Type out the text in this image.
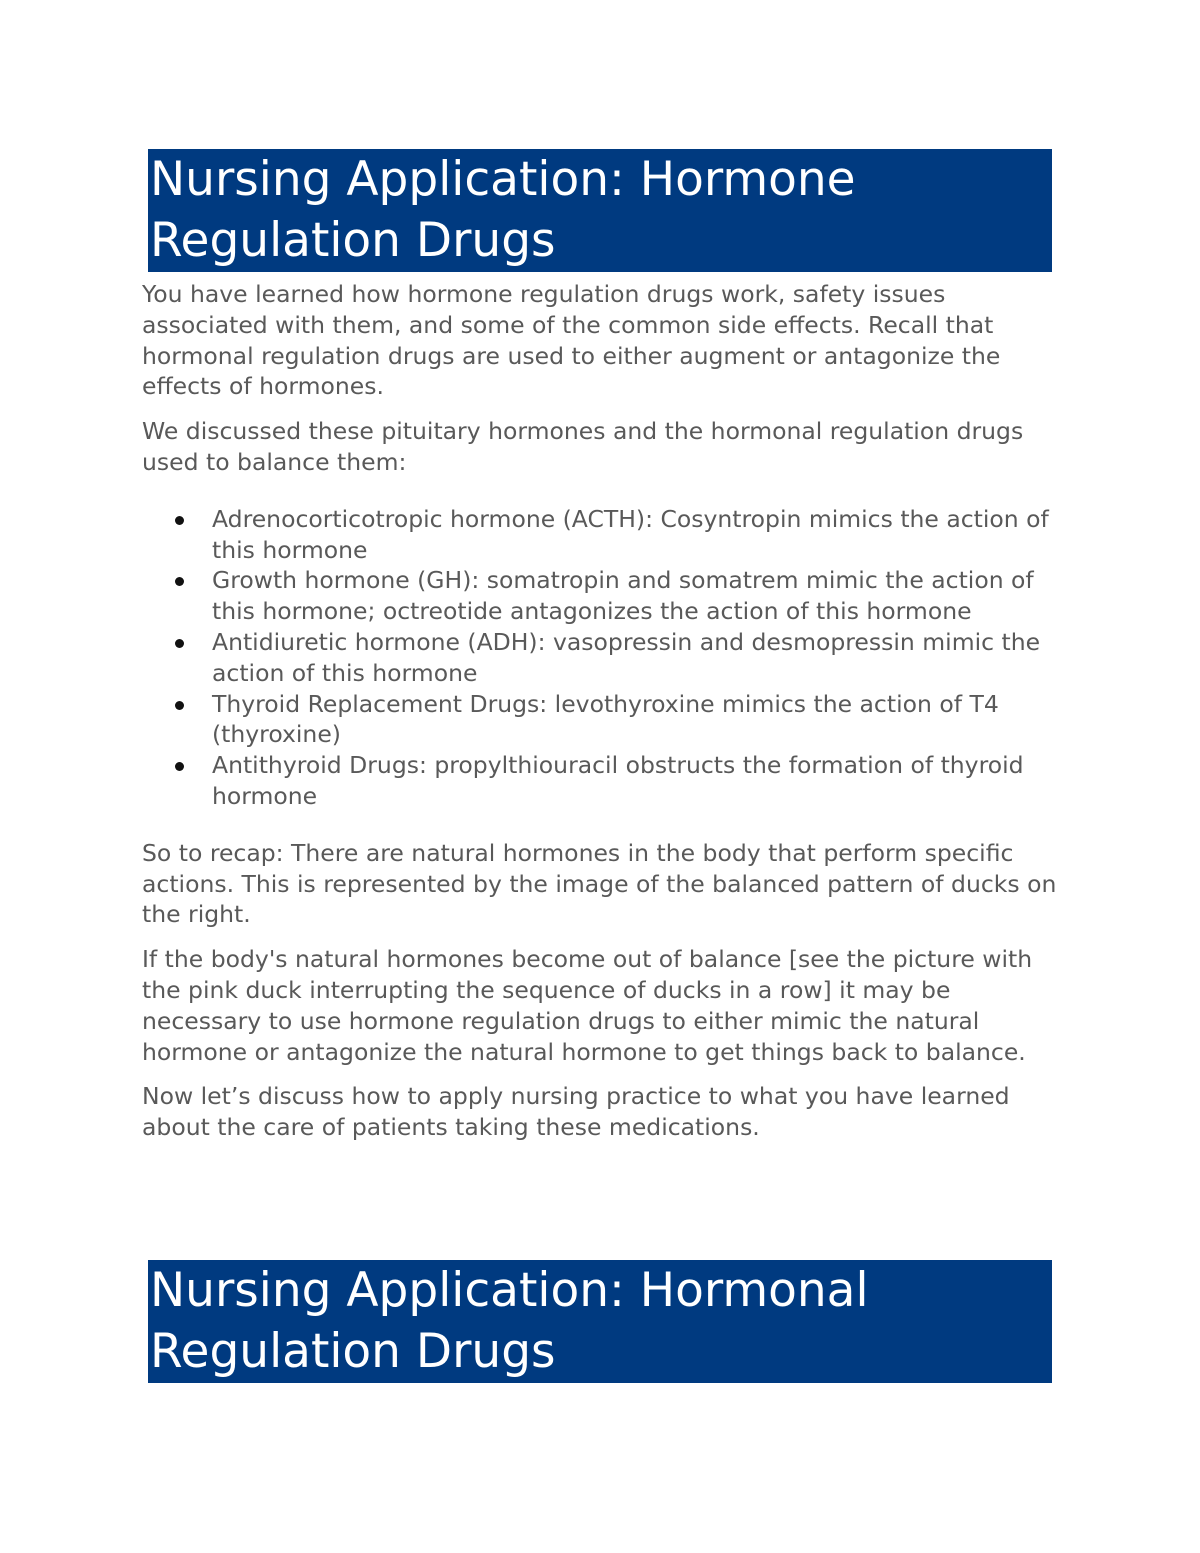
Nursing Application: Hormone Regulation Drugs

You have learned how hormone regulation drugs work, safety issues associated with them, and some of the common side effects. Recall that hormonal regulation drugs are used to either augment or antagonize the effects of hormones.

We discussed these pituitary hormones and the hormonal regulation drugs used to balance them:

Adrenocorticotropic hormone (ACTH): Cosyntropin mimics the action of this hormone
Growth hormone (GH): somatropin and somatrem mimic the action of this hormone; octreotide antagonizes the action of this hormone
Antidiuretic hormone (ADH): vasopressin and desmopressin mimic the action of this hormone
Thyroid Replacement Drugs: levothyroxine mimics the action of T4 (thyroxine)
Antithyroid Drugs: propylthiouracil obstructs the formation of thyroid hormone

So to recap: There are natural hormones in the body that perform specific actions. This is represented by the image of the balanced pattern of ducks on the right.

If the body's natural hormones become out of balance [see the picture with the pink duck interrupting the sequence of ducks in a row] it may be necessary to use hormone regulation drugs to either mimic the natural hormone or antagonize the natural hormone to get things back to balance.

Now let’s discuss how to apply nursing practice to what you have learned about the care of patients taking these medications.

Nursing Application: Hormonal Regulation Drugs
